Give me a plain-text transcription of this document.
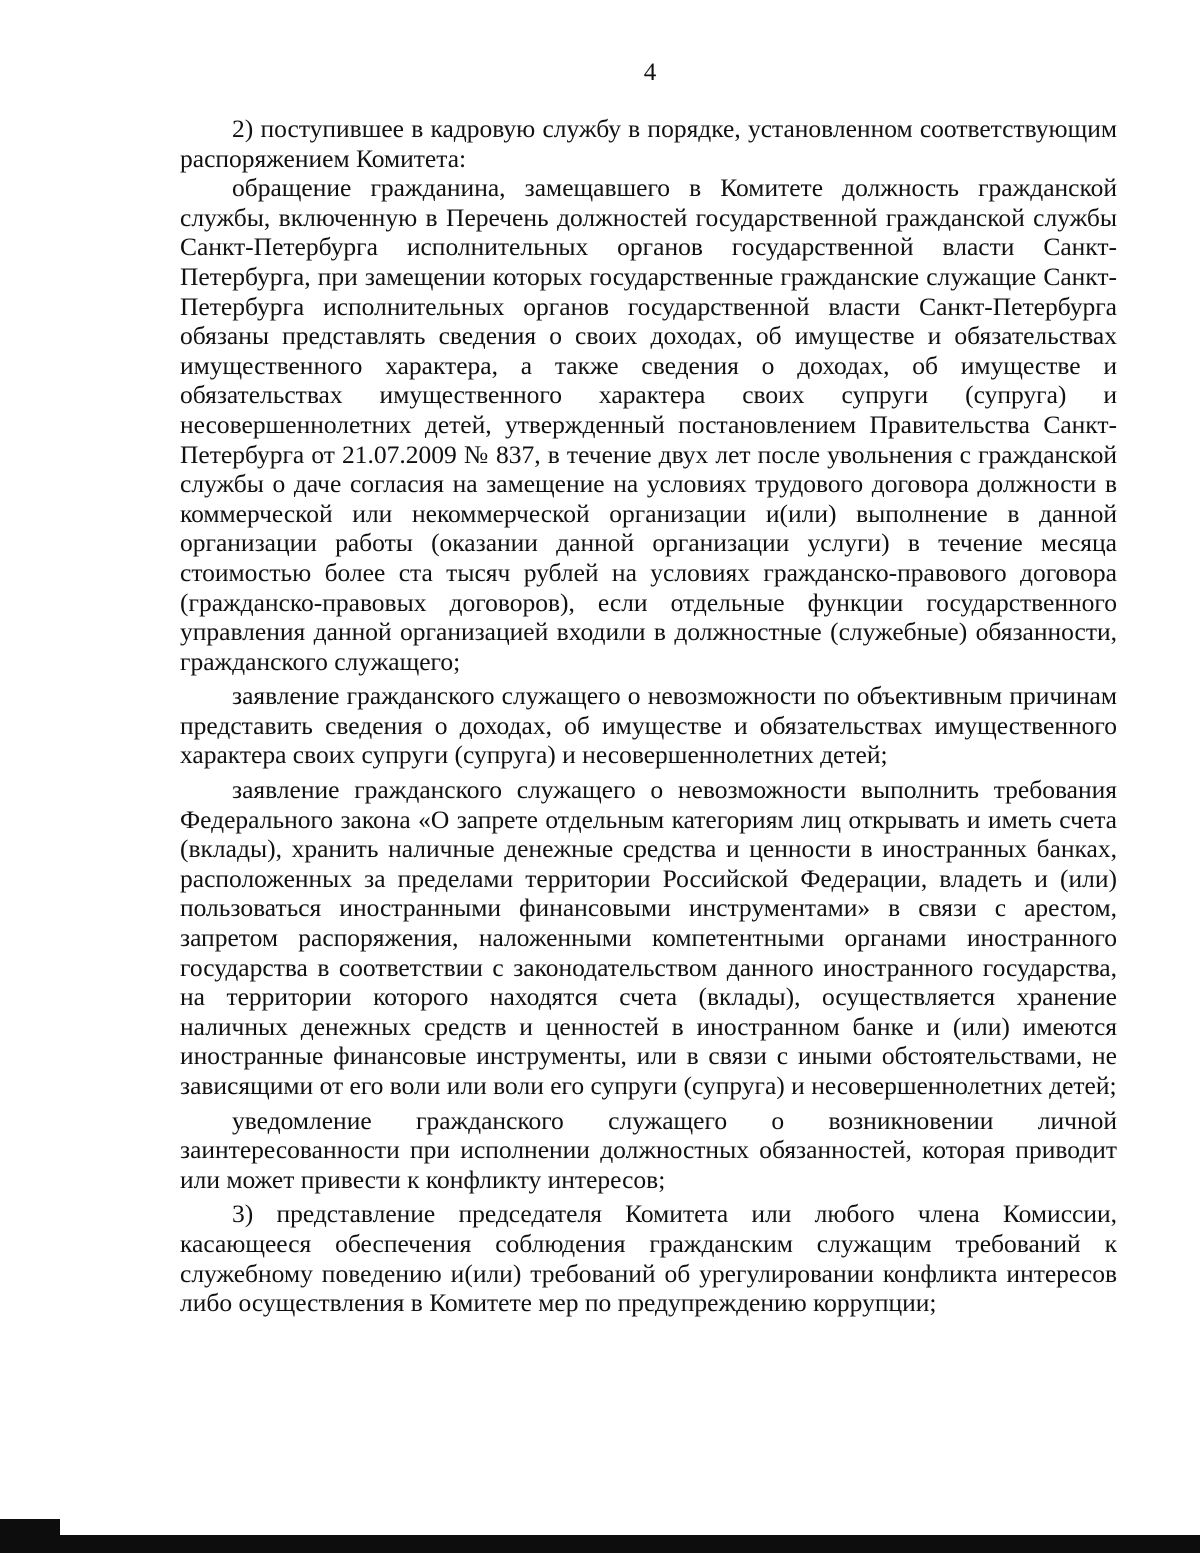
4

2) поступившее в кадровую службу в порядке, установленном соответствующим распоряжением Комитета:

обращение гражданина, замещавшего в Комитете должность гражданской службы, включенную в Перечень должностей государственной гражданской службы Санкт-Петербурга исполнительных органов государственной власти Санкт-Петербурга, при замещении которых государственные гражданские служащие Санкт-Петербурга исполнительных органов государственной власти Санкт-Петербурга обязаны представлять сведения о своих доходах, об имуществе и обязательствах имущественного характера, а также сведения о доходах, об имуществе и обязательствах имущественного характера своих супруги (супруга) и несовершеннолетних детей, утвержденный постановлением Правительства Санкт-Петербурга от 21.07.2009 № 837, в течение двух лет после увольнения с гражданской службы о даче согласия на замещение на условиях трудового договора должности в коммерческой или некоммерческой организации и(или) выполнение в данной организации работы (оказании данной организации услуги) в течение месяца стоимостью более ста тысяч рублей на условиях гражданско-правового договора (гражданско-правовых договоров), если отдельные функции государственного управления данной организацией входили в должностные (служебные) обязанности, гражданского служащего;

заявление гражданского служащего о невозможности по объективным причинам представить сведения о доходах, об имуществе и обязательствах имущественного характера своих супруги (супруга) и несовершеннолетних детей;

заявление гражданского служащего о невозможности выполнить требования Федерального закона «О запрете отдельным категориям лиц открывать и иметь счета (вклады), хранить наличные денежные средства и ценности в иностранных банках, расположенных за пределами территории Российской Федерации, владеть и (или) пользоваться иностранными финансовыми инструментами» в связи с арестом, запретом распоряжения, наложенными компетентными органами иностранного государства в соответствии с законодательством данного иностранного государства, на территории которого находятся счета (вклады), осуществляется хранение наличных денежных средств и ценностей в иностранном банке и (или) имеются иностранные финансовые инструменты, или в связи с иными обстоятельствами, не зависящими от его воли или воли его супруги (супруга) и несовершеннолетних детей;

уведомление гражданского служащего о возникновении личной заинтересованности при исполнении должностных обязанностей, которая приводит или может привести к конфликту интересов;

3) представление председателя Комитета или любого члена Комиссии, касающееся обеспечения соблюдения гражданским служащим требований к служебному поведению и(или) требований об урегулировании конфликта интересов либо осуществления в Комитете мер по предупреждению коррупции;
